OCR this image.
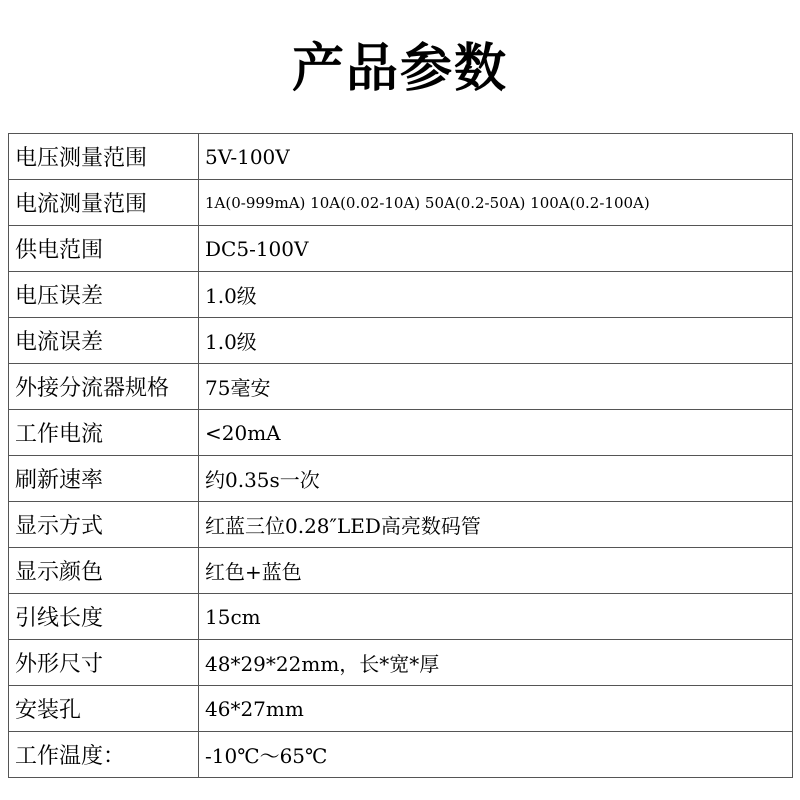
产品参数
电压测量范围	5V-100V
电流测量范围	1A(0-999mA) 10A(0.02-10A) 50A(0.2-50A) 100A(0.2-100A)
供电范围	DC5-100V
电压误差	1.0级
电流误差	1.0级
外接分流器规格	75毫安
工作电流	<20mA
刷新速率	约0.35s一次
显示方式	红蓝三位0.28″LED高亮数码管
显示颜色	红色+蓝色
引线长度	15cm
外形尺寸	48*29*22mm，长*宽*厚
安装孔	46*27mm
工作温度：	-10℃～65℃
